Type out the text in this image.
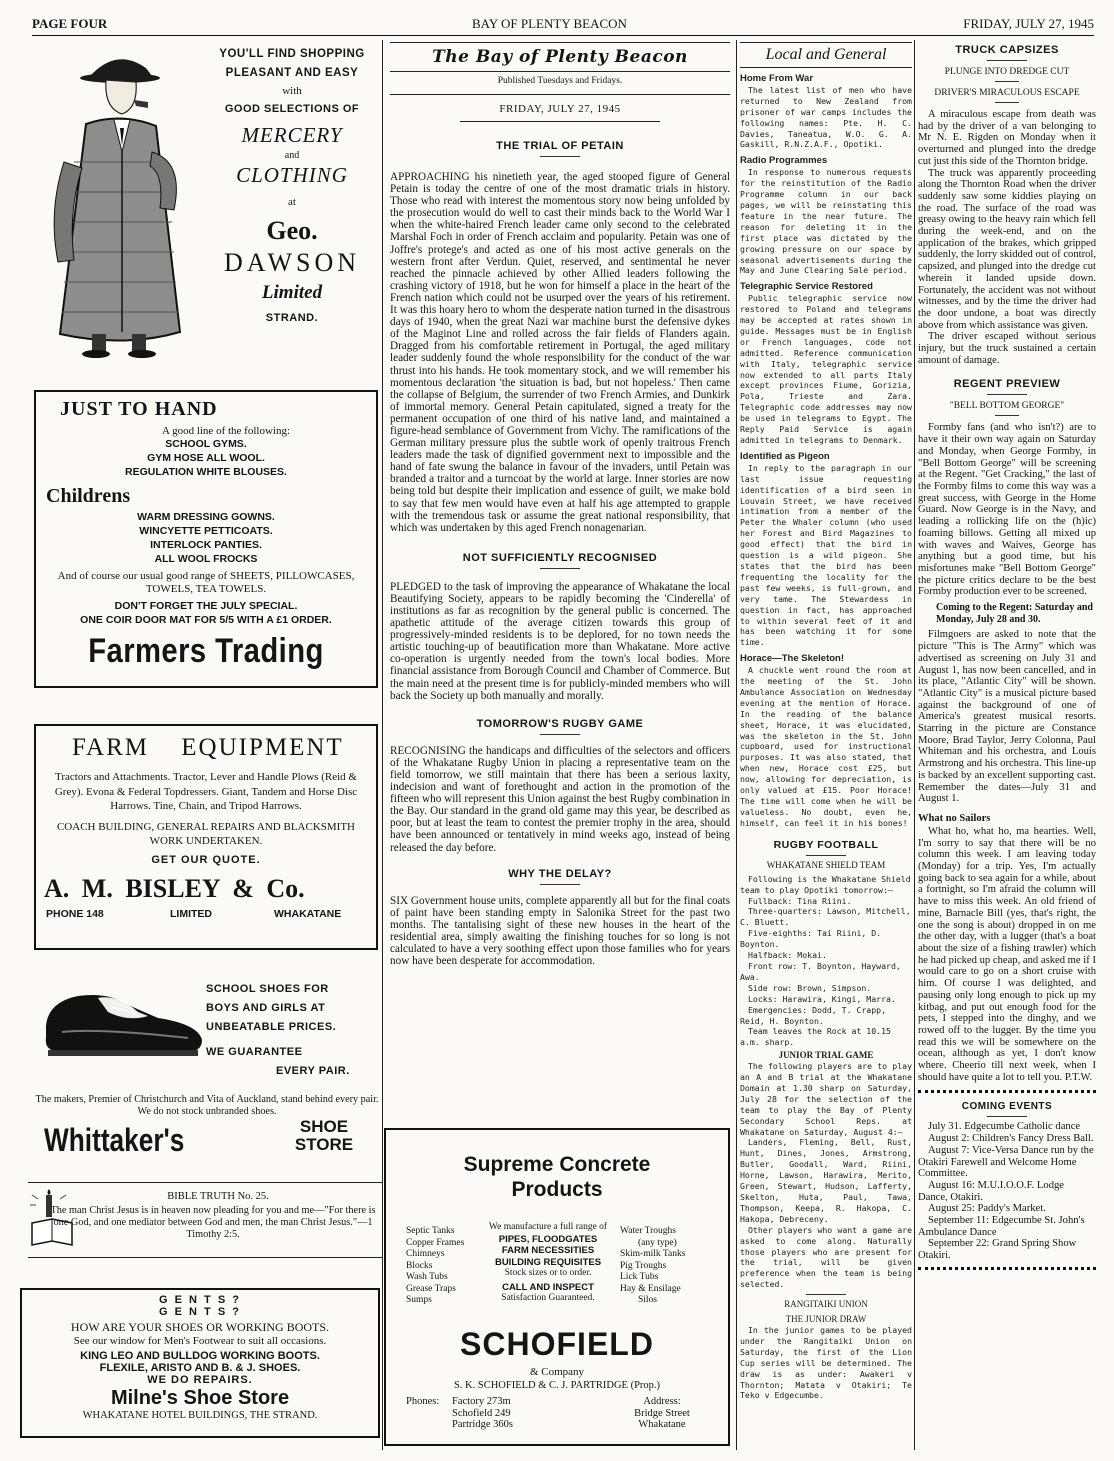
PAGE FOUR	BAY OF PLENTY BEACON	FRIDAY, JULY 27, 1945
YOU'LL FIND SHOPPING
PLEASANT AND EASY
with
GOOD SELECTIONS OF
MERCERY
and
CLOTHING
at
Geo.
DAWSON
Limited
STRAND.
JUST TO HAND
A good line of the following:
SCHOOL GYMS.
GYM HOSE ALL WOOL.
REGULATION WHITE BLOUSES.
Childrens
WARM DRESSING GOWNS.
WINCYETTE PETTICOATS.
INTERLOCK PANTIES.
ALL WOOL FROCKS
And of course our usual good range of SHEETS, PILLOWCASES, TOWELS, TEA TOWELS.
DON'T FORGET THE JULY SPECIAL.
ONE COIR DOOR MAT FOR 5/5 WITH A £1 ORDER.
Farmers Trading
FARM EQUIPMENT
Tractors and Attachments. Tractor, Lever and Handle Plows (Reid & Grey). Evona & Federal Topdressers. Giant, Tandem and Horse Disc Harrows. Tine, Chain, and Tripod Harrows.
COACH BUILDING, GENERAL REPAIRS AND BLACKSMITH WORK UNDERTAKEN.
GET OUR QUOTE.
A. M. BISLEY & Co.
PHONE 148	LIMITED	WHAKATANE
SCHOOL SHOES FOR
BOYS AND GIRLS AT
UNBEATABLE PRICES.
WE GUARANTEE
EVERY PAIR.
The makers, Premier of Christchurch and Vita of Auckland, stand behind every pair. We do not stock unbranded shoes.
Whittaker's	SHOE
STORE
BIBLE TRUTH No. 25.
The man Christ Jesus is in heaven now pleading for you and me—"For there is one God, and one mediator between God and men, the man Christ Jesus."—1 Timothy 2:5.
G E N T S ?
G E N T S ?
HOW ARE YOUR SHOES OR WORKING BOOTS.
See our window for Men's Footwear to suit all occasions.
KING LEO AND BULLDOG WORKING BOOTS.
FLEXILE, ARISTO AND B. & J. SHOES.
WE DO REPAIRS.
Milne's Shoe Store
WHAKATANE HOTEL BUILDINGS, THE STRAND.
The Bay of Plenty Beacon
Published Tuesdays and Fridays.
FRIDAY, JULY 27, 1945
THE TRIAL OF PETAIN
APPROACHING his ninetieth year, the aged stooped figure of General Petain is today the centre of one of the most dramatic trials in history. Those who read with interest the momentous story now being unfolded by the prosecution would do well to cast their minds back to the World War I when the white-haired French leader came only second to the celebrated Marshal Foch in order of French acclaim and popularity. Petain was one of Joffre's protege's and acted as one of his most active generals on the western front after Verdun. Quiet, reserved, and sentimental he never reached the pinnacle achieved by other Allied leaders following the crashing victory of 1918, but he won for himself a place in the heart of the French nation which could not be usurped over the years of his retirement. It was this hoary hero to whom the desperate nation turned in the disastrous days of 1940, when the great Nazi war machine burst the defensive dykes of the Maginot Line and rolled across the fair fields of Flanders again. Dragged from his comfortable retirement in Portugal, the aged military leader suddenly found the whole responsibility for the conduct of the war thrust into his hands. He took momentary stock, and we will remember his momentous declaration 'the situation is bad, but not hopeless.' Then came the collapse of Belgium, the surrender of two French Armies, and Dunkirk of immortal memory. General Petain capitulated, signed a treaty for the permanent occupation of one third of his native land, and maintained a figure-head semblance of Government from Vichy. The ramifications of the German military pressure plus the subtle work of openly traitrous French leaders made the task of dignified government next to impossible and the hand of fate swung the balance in favour of the invaders, until Petain was branded a traitor and a turncoat by the world at large. Inner stories are now being told but despite their implication and essence of guilt, we make bold to say that few men would have even at half his age attempted to grapple with the tremendous task or assume the great national responsibility, that which was undertaken by this aged French nonagenarian.
NOT SUFFICIENTLY RECOGNISED
PLEDGED to the task of improving the appearance of Whakatane the local Beautifying Society, appears to be rapidly becoming the 'Cinderella' of institutions as far as recognition by the general public is concerned. The apathetic attitude of the average citizen towards this group of progressively-minded residents is to be deplored, for no town needs the artistic touching-up of beautification more than Whakatane. More active co-operation is urgently needed from the town's local bodies. More financial assistance from Borough Council and Chamber of Commerce. But the main need at the present time is for publicly-minded members who will back the Society up both manually and morally.
TOMORROW'S RUGBY GAME
RECOGNISING the handicaps and difficulties of the selectors and officers of the Whakatane Rugby Union in placing a representative team on the field tomorrow, we still maintain that there has been a serious laxity, indecision and want of forethought and action in the promotion of the fifteen who will represent this Union against the best Rugby combination in the Bay. Our standard in the grand old game may this year, be described as poor, but at least the team to contest the premier trophy in the area, should have been announced or tentatively in mind weeks ago, instead of being released the day before.
WHY THE DELAY?
SIX Government house units, complete apparently all but for the final coats of paint have been standing empty in Salonika Street for the past two months. The tantalising sight of these new houses in the heart of the residential area, simply awaiting the finishing touches for so long is not calculated to have a very soothing effect upon those families who for years now have been desperate for accommodation.
Supreme Concrete
Products
Septic Tanks
Copper Frames
Chimneys
Blocks
Wash Tubs
Grease Traps
Sumps
We manufacture a full range of
PIPES, FLOODGATES
FARM NECESSITIES
BUILDING REQUISITES
Stock sizes or to order.
CALL AND INSPECT
Satisfaction Guaranteed.
Water Troughs
(any type)
Skim-milk Tanks
Pig Troughs
Lick Tubs
Hay & Ensilage
Silos
SCHOFIELD
& Company
S. K. SCHOFIELD & C. J. PARTRIDGE (Prop.)
Phones: Factory 273m
Schofield 249
Partridge 360s
Address:
Bridge Street
Whakatane
Local and General
Home From War

The latest list of men who have returned to New Zealand from prisoner of war camps includes the following names: Pte. H. C. Davies, Taneatua, W.O. G. A. Gaskill, R.N.Z.A.F., Opotiki.

Radio Programmes

In response to numerous requests for the reinstitution of the Radio Programme column in our back pages, we will be reinstating this feature in the near future. The reason for deleting it in the first place was dictated by the growing pressure on our space by seasonal advertisements during the May and June Clearing Sale period.

Telegraphic Service Restored

Public telegraphic service now restored to Poland and telegrams may be accepted at rates shown in guide. Messages must be in English or French languages, code not admitted. Reference communication with Italy, telegraphic service now extended to all parts Italy except provinces Fiume, Gorizia, Pola, Trieste and Zara. Telegraphic code addresses may now be used in telegrams to Egypt. The Reply Paid Service is again admitted in telegrams to Denmark.

Identified as Pigeon

In reply to the paragraph in our last issue requesting identification of a bird seen in Louvain Street, we have received intimation from a member of the Peter the Whaler column (who used her Forest and Bird Magazines to good effect) that the bird in question is a wild pigeon. She states that the bird has been frequenting the locality for the past few weeks, is full-grown, and very tame. The Stewardess in question in fact, has approached to within several feet of it and has been watching it for some time.

Horace—The Skeleton!

A chuckle went round the room at the meeting of the St. John Ambulance Association on Wednesday evening at the mention of Horace. In the reading of the balance sheet, Horace, it was elucidated, was the skeleton in the St. John cupboard, used for instructional purposes. It was also stated, that when new, Horace cost £25, but now, allowing for depreciation, is only valued at £15. Poor Horace! The time will come when he will be valueless. No doubt, even he, himself, can feel it in his bones!

RUGBY FOOTBALL
WHAKATANE SHIELD TEAM

Following is the Whakatane Shield team to play Opotiki tomorrow:—

Fullback: Tina Riini.

Three-quarters: Lawson, Mitchell, C. Bluett.

Five-eighths: Tai Riini, D. Boynton.

Halfback: Mokai.

Front row: T. Boynton, Hayward, Awa.

Side row: Brown, Simpson.

Locks: Harawira, Kingi, Marra.

Emergencies: Dodd, T. Crapp, Reid, H. Boynton.

Team leaves the Rock at 10.15 a.m. sharp.

JUNIOR TRIAL GAME

The following players are to play an A and B trial at the Whakatane Domain at 1.30 sharp on Saturday, July 28 for the selection of the team to play the Bay of Plenty Secondary School Reps. at Whakatane on Saturday, August 4:—

Landers, Fleming, Bell, Rust, Hunt, Dines, Jones, Armstrong, Butler, Goodall, Ward, Riini, Horne, Lawson, Harawira, Merito, Green, Stewart, Hudson, Lafferty, Skelton, Huta, Paul, Tawa, Thompson, Keepa, R. Hakopa, C. Hakopa, Debreceny.

Other players who want a game are asked to come along. Naturally those players who are present for the trial, will be given preference when the team is being selected.

RANGITAIKI UNION
THE JUNIOR DRAW

In the junior games to be played under the Rangitaiki Union on Saturday, the first of the Lion Cup series will be determined. The draw is as under: Awakeri v Thornton; Matata v Otakiri; Te Teko v Edgecumbe.

TRUCK CAPSIZES
PLUNGE INTO DREDGE CUT
DRIVER'S MIRACULOUS ESCAPE

A miraculous escape from death was had by the driver of a van belonging to Mr N. E. Rigden on Monday when it overturned and plunged into the dredge cut just this side of the Thornton bridge.

The truck was apparently proceeding along the Thornton Road when the driver suddenly saw some kiddies playing on the road. The surface of the road was greasy owing to the heavy rain which fell during the week-end, and on the application of the brakes, which gripped suddenly, the lorry skidded out of control, capsized, and plunged into the dredge cut wherein it landed upside down. Fortunately, the accident was not without witnesses, and by the time the driver had the door undone, a boat was directly above from which assistance was given.

The driver escaped without serious injury, but the truck sustained a certain amount of damage.

REGENT PREVIEW
"BELL BOTTOM GEORGE"

Formby fans (and who isn't?) are to have it their own way again on Saturday and Monday, when George Formby, in "Bell Bottom George" will be screening at the Regent. "Get Cracking," the last of the Formby films to come this way was a great success, with George in the Home Guard. Now George is in the Navy, and leading a rollicking life on the (h)ic) foaming billows. Getting all mixed up with waves and Waives, George has anything but a good time, but his misfortunes make "Bell Bottom George" the picture critics declare to be the best Formby production ever to be screened.

Coming to the Regent: Saturday and Monday, July 28 and 30.

Filmgoers are asked to note that the picture "This is The Army" which was advertised as screening on July 31 and August 1, has now been cancelled, and in its place, "Atlantic City" will be shown. "Atlantic City" is a musical picture based against the background of one of America's greatest musical resorts. Starring in the picture are Constance Moore, Brad Taylor, Jerry Colonna, Paul Whiteman and his orchestra, and Louis Armstrong and his orchestra. This line-up is backed by an excellent supporting cast. Remember the dates—July 31 and August 1.

What no Sailors

What ho, what ho, ma hearties. Well, I'm sorry to say that there will be no column this week. I am leaving today (Monday) for a trip. Yes, I'm actually going back to sea again for a while, about a fortnight, so I'm afraid the column will have to miss this week. An old friend of mine, Barnacle Bill (yes, that's right, the one the song is about) dropped in on me the other day, with a lugger (that's a boat about the size of a fishing trawler) which he had picked up cheap, and asked me if I would care to go on a short cruise with him. Of course I was delighted, and pausing only long enough to pick up my kitbag, and put out enough food for the pets, I stepped into the dinghy, and we rowed off to the lugger. By the time you read this we will be somewhere on the ocean, although as yet, I don't know where. Cheerio till next week, when I should have quite a lot to tell you. P.T.W.

COMING EVENTS

July 31. Edgecumbe Catholic dance

August 2: Children's Fancy Dress Ball.

August 7: Vice-Versa Dance run by the Otakiri Farewell and Welcome Home Committee.

August 16: M.U.I.O.O.F. Lodge Dance, Otakiri.

August 25: Paddy's Market.

September 11: Edgecumbe St. John's Ambulance Dance

September 22: Grand Spring Show Otakiri.
